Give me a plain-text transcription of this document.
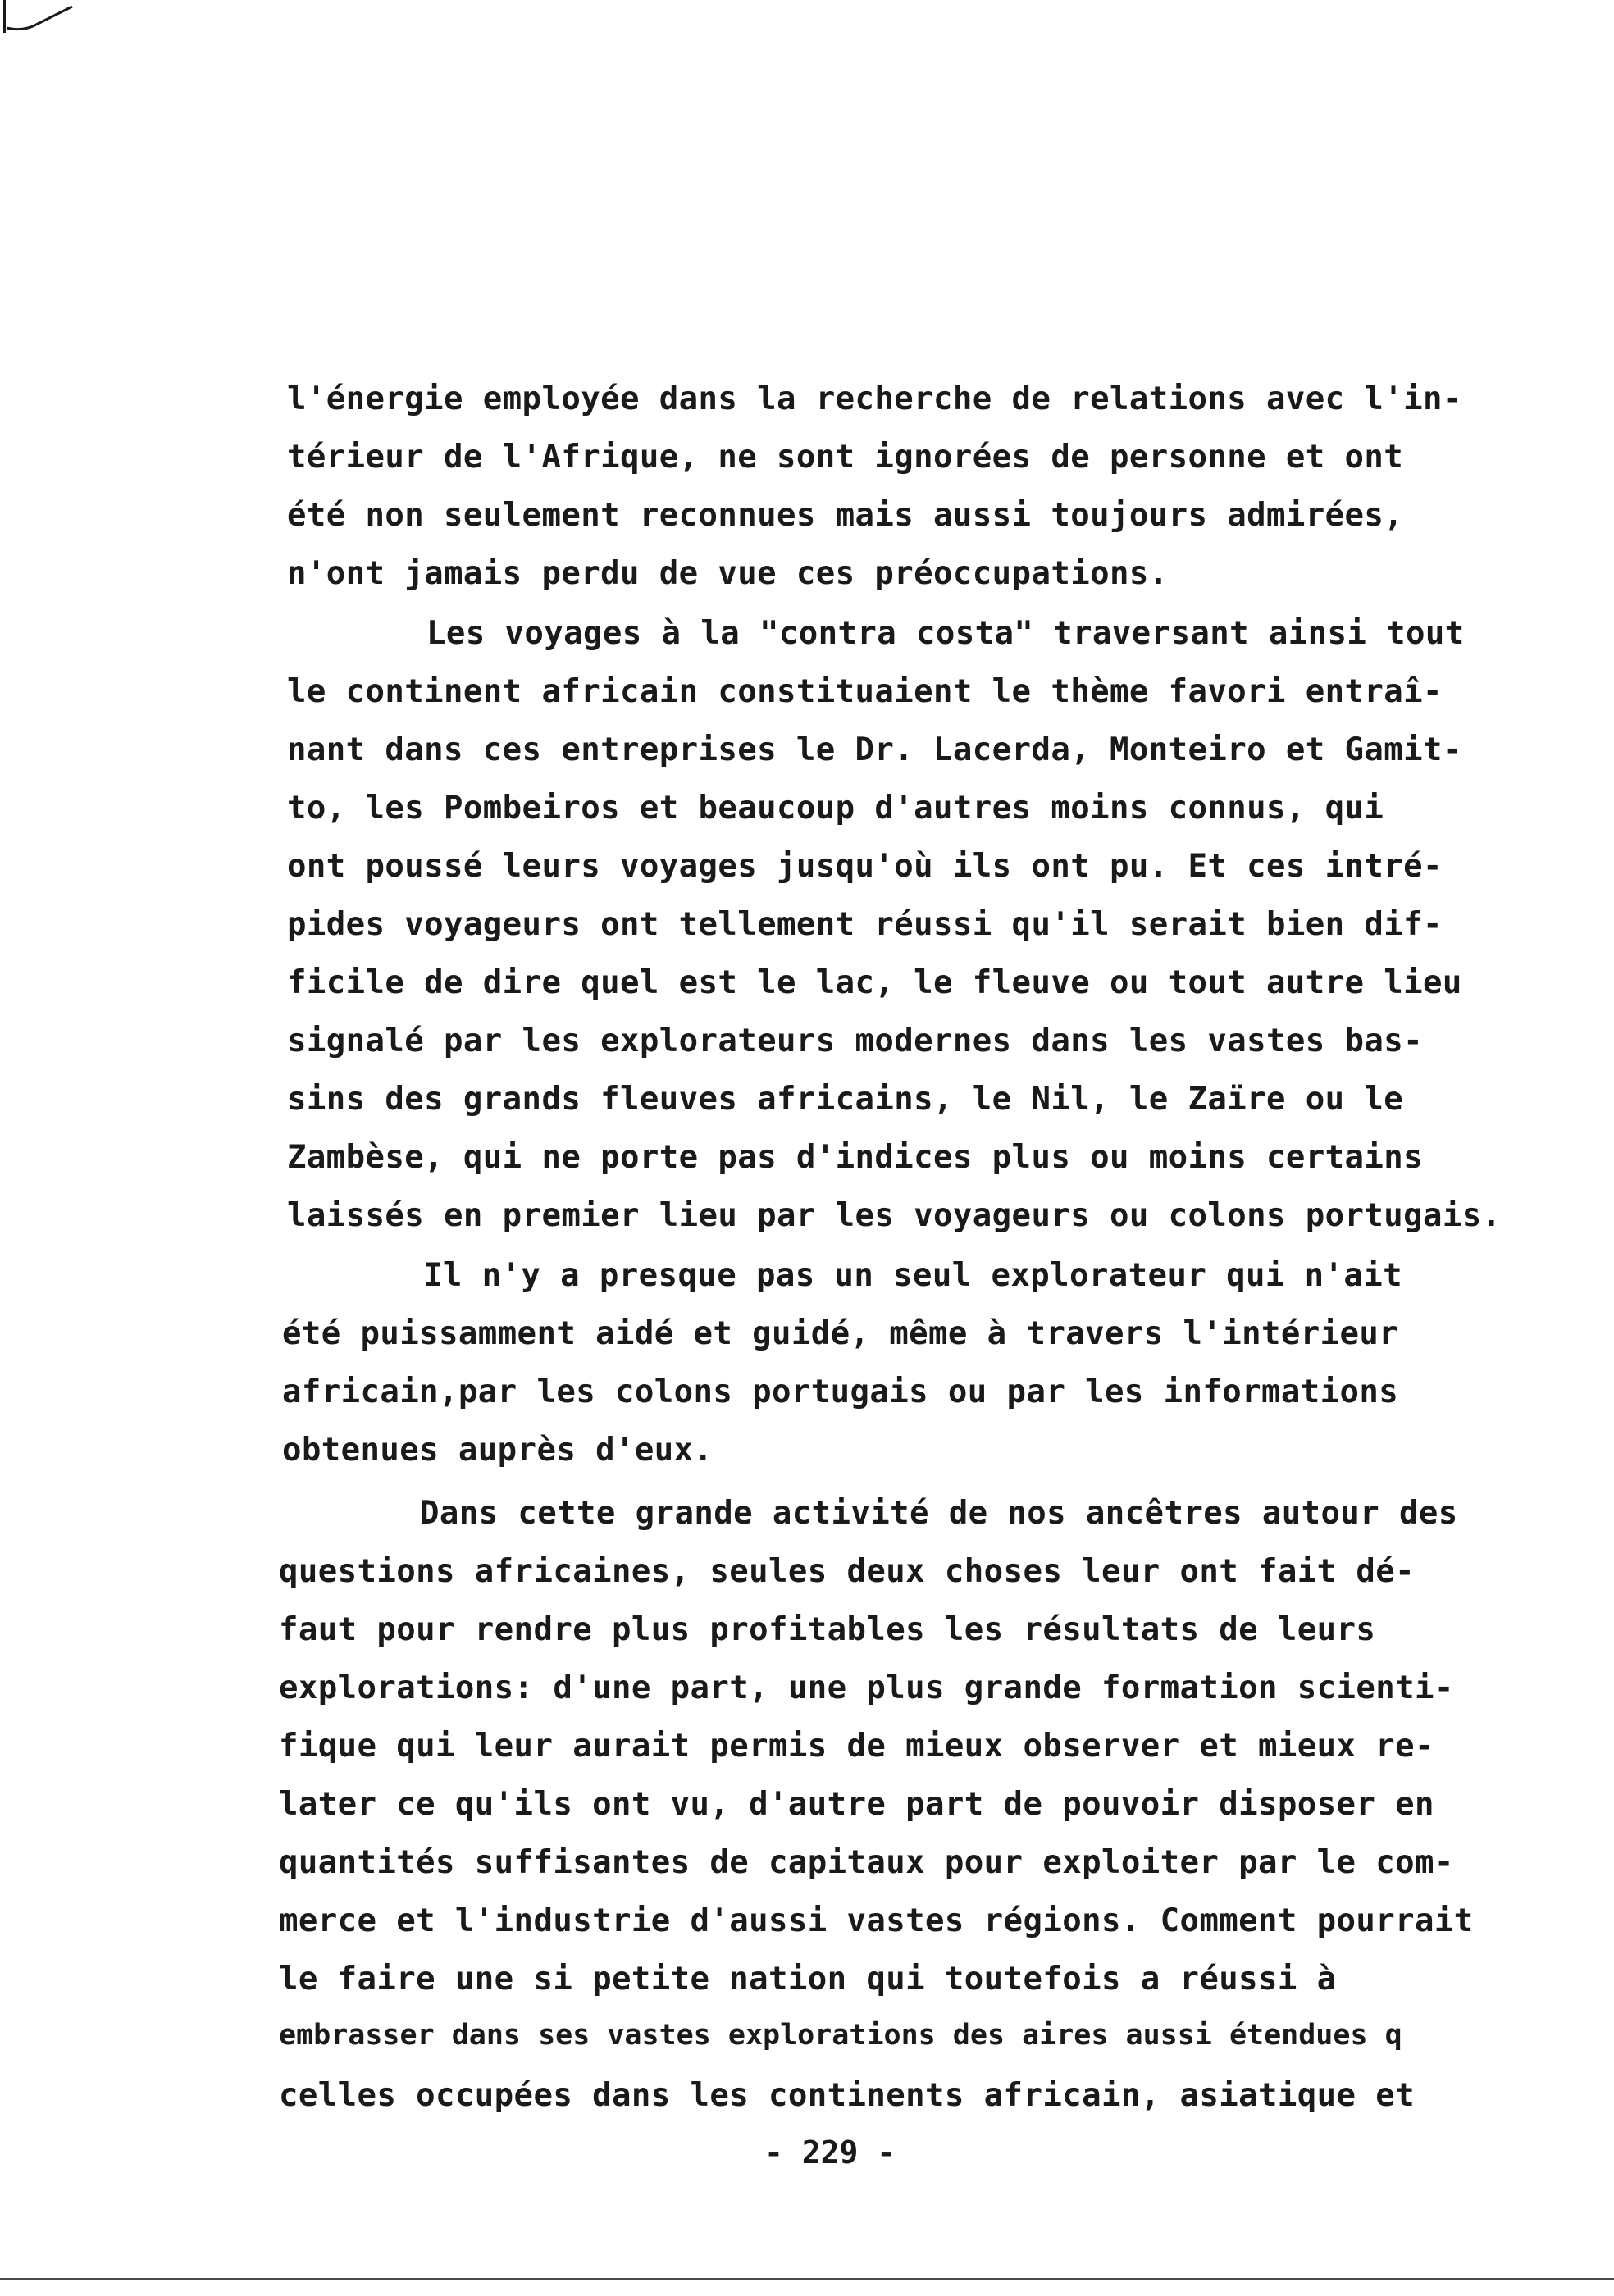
l'énergie employée dans la recherche de relations avec l'in-
térieur de l'Afrique, ne sont ignorées de personne et ont
été non seulement reconnues mais aussi toujours admirées,
n'ont jamais perdu de vue ces préoccupations.
Les voyages à la "contra costa" traversant ainsi tout
le continent africain constituaient le thème favori entraî-
nant dans ces entreprises le Dr. Lacerda, Monteiro et Gamit-
to, les Pombeiros et beaucoup d'autres moins connus, qui
ont poussé leurs voyages jusqu'où ils ont pu. Et ces intré-
pides voyageurs ont tellement réussi qu'il serait bien dif-
ficile de dire quel est le lac, le fleuve ou tout autre lieu
signalé par les explorateurs modernes dans les vastes bas-
sins des grands fleuves africains, le Nil, le Zaïre ou le
Zambèse, qui ne porte pas d'indices plus ou moins certains
laissés en premier lieu par les voyageurs ou colons portugais.
Il n'y a presque pas un seul explorateur qui n'ait
été puissamment aidé et guidé, même à travers l'intérieur
africain,par les colons portugais ou par les informations
obtenues auprès d'eux.
Dans cette grande activité de nos ancêtres autour des
questions africaines, seules deux choses leur ont fait dé-
faut pour rendre plus profitables les résultats de leurs
explorations: d'une part, une plus grande formation scienti-
fique qui leur aurait permis de mieux observer et mieux re-
later ce qu'ils ont vu, d'autre part de pouvoir disposer en
quantités suffisantes de capitaux pour exploiter par le com-
merce et l'industrie d'aussi vastes régions. Comment pourrait
le faire une si petite nation qui toutefois a réussi à
embrasser dans ses vastes explorations des aires aussi étendues q
celles occupées dans les continents africain, asiatique et
- 229 -
